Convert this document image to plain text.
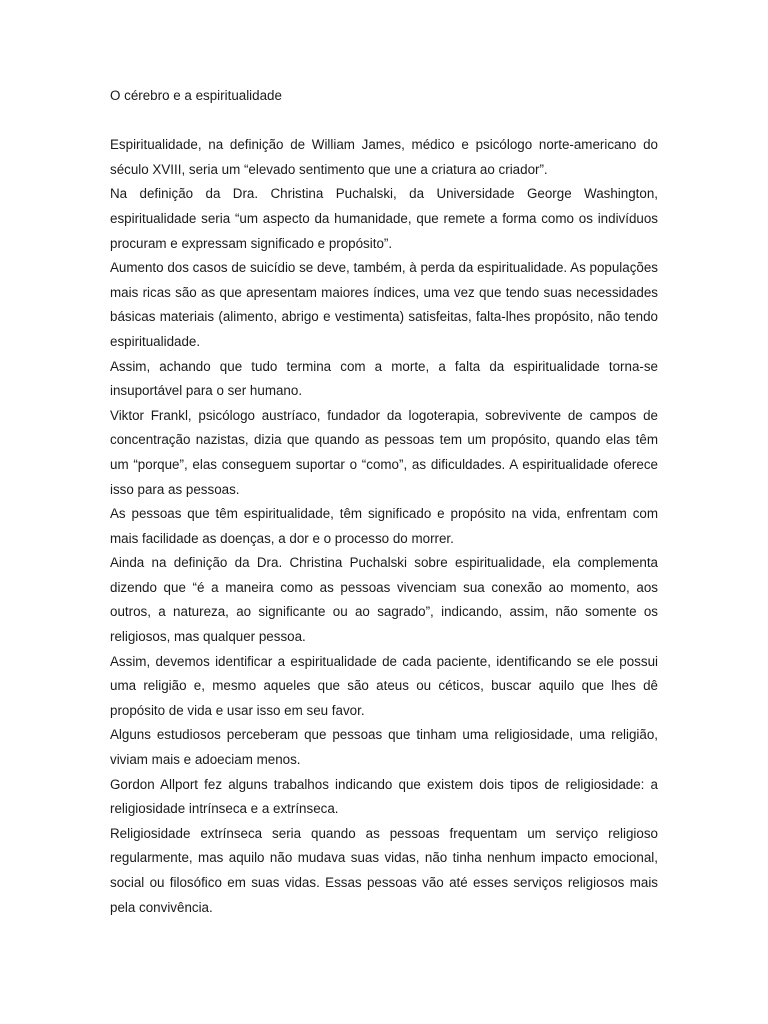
O cérebro e a espiritualidade

Espiritualidade, na definição de William James, médico e psicólogo norte-americano do século XVIII, seria um “elevado sentimento que une a criatura ao criador”.

Na definição da Dra. Christina Puchalski, da Universidade George Washington, espiritualidade seria “um aspecto da humanidade, que remete a forma como os indivíduos procuram e expressam significado e propósito”.

Aumento dos casos de suicídio se deve, também, à perda da espiritualidade. As populações mais ricas são as que apresentam maiores índices, uma vez que tendo suas necessidades básicas materiais (alimento, abrigo e vestimenta) satisfeitas, falta-lhes propósito, não tendo espiritualidade.

Assim, achando que tudo termina com a morte, a falta da espiritualidade torna-se insuportável para o ser humano.

Viktor Frankl, psicólogo austríaco, fundador da logoterapia, sobrevivente de campos de concentração nazistas, dizia que quando as pessoas tem um propósito, quando elas têm um “porque”, elas conseguem suportar o “como”, as dificuldades. A espiritualidade oferece isso para as pessoas.

As pessoas que têm espiritualidade, têm significado e propósito na vida, enfrentam com mais facilidade as doenças, a dor e o processo do morrer.

Ainda na definição da Dra. Christina Puchalski sobre espiritualidade, ela complementa dizendo que “é a maneira como as pessoas vivenciam sua conexão ao momento, aos outros, a natureza, ao significante ou ao sagrado”, indicando, assim, não somente os religiosos, mas qualquer pessoa.

Assim, devemos identificar a espiritualidade de cada paciente, identificando se ele possui uma religião e, mesmo aqueles que são ateus ou céticos, buscar aquilo que lhes dê propósito de vida e usar isso em seu favor.

Alguns estudiosos perceberam que pessoas que tinham uma religiosidade, uma religião, viviam mais e adoeciam menos.

Gordon Allport fez alguns trabalhos indicando que existem dois tipos de religiosidade: a religiosidade intrínseca e a extrínseca.

Religiosidade extrínseca seria quando as pessoas frequentam um serviço religioso regularmente, mas aquilo não mudava suas vidas, não tinha nenhum impacto emocional, social ou filosófico em suas vidas. Essas pessoas vão até esses serviços religiosos mais pela convivência.
